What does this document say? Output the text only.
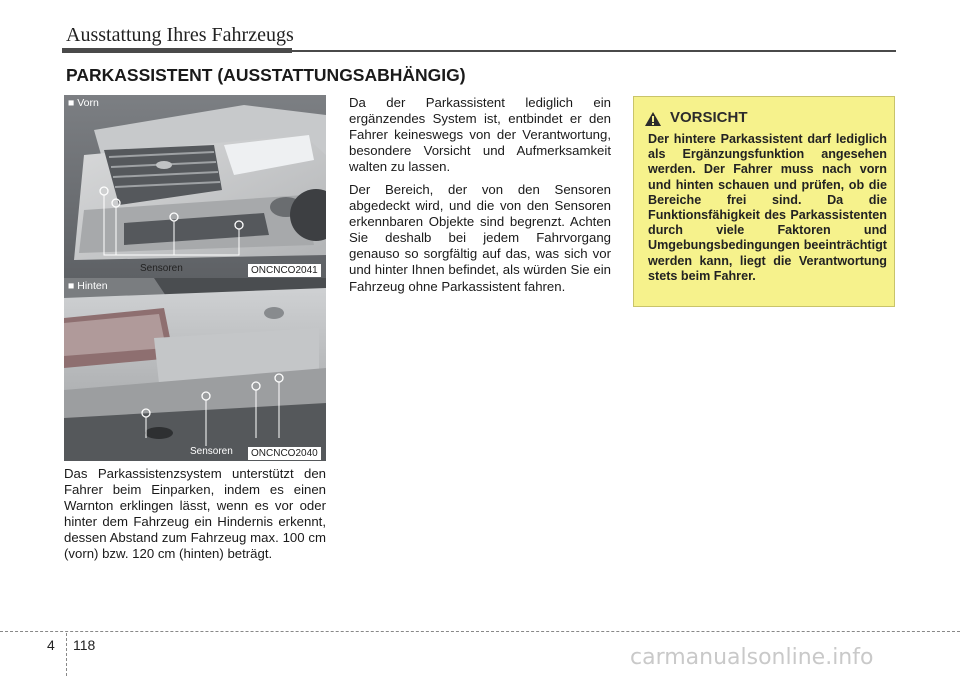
Ausstattung Ihres Fahrzeugs
PARKASSISTENT (AUSSTATTUNGSABHÄNGIG)
■ Vorn
Sensoren	ONCNCO2041
■ Hinten
Sensoren	ONCNCO2040
Das Parkassistenzsystem unterstützt den Fahrer beim Einparken, indem es einen Warnton erklingen lässt, wenn es vor oder hinter dem Fahrzeug ein Hindernis erkennt, dessen Abstand zum Fahrzeug max. 100 cm (vorn) bzw. 120 cm (hinten) beträgt.
Da der Parkassistent lediglich ein ergänzendes System ist, entbindet er den Fahrer keineswegs von der Verantwortung, besondere Vorsicht und Aufmerksamkeit walten zu lassen.
Der Bereich, der von den Sensoren abgedeckt wird, und die von den Sensoren erkennbaren Objekte sind begrenzt. Achten Sie deshalb bei jedem Fahrvorgang genauso so sorgfältig auf das, was sich vor und hinter Ihnen befindet, als würden Sie ein Fahrzeug ohne Parkassistent fahren.
VORSICHT
Der hintere Parkassistent darf lediglich als Ergänzungsfunktion angesehen werden. Der Fahrer muss nach vorn und hinten schauen und prüfen, ob die Bereiche frei sind. Da die Funktionsfähigkeit des Parkassistenten durch viele Faktoren und Umgebungsbedingungen beeinträchtigt werden kann, liegt die Verantwortung stets beim Fahrer.
4 118	carmanualsonline.info
